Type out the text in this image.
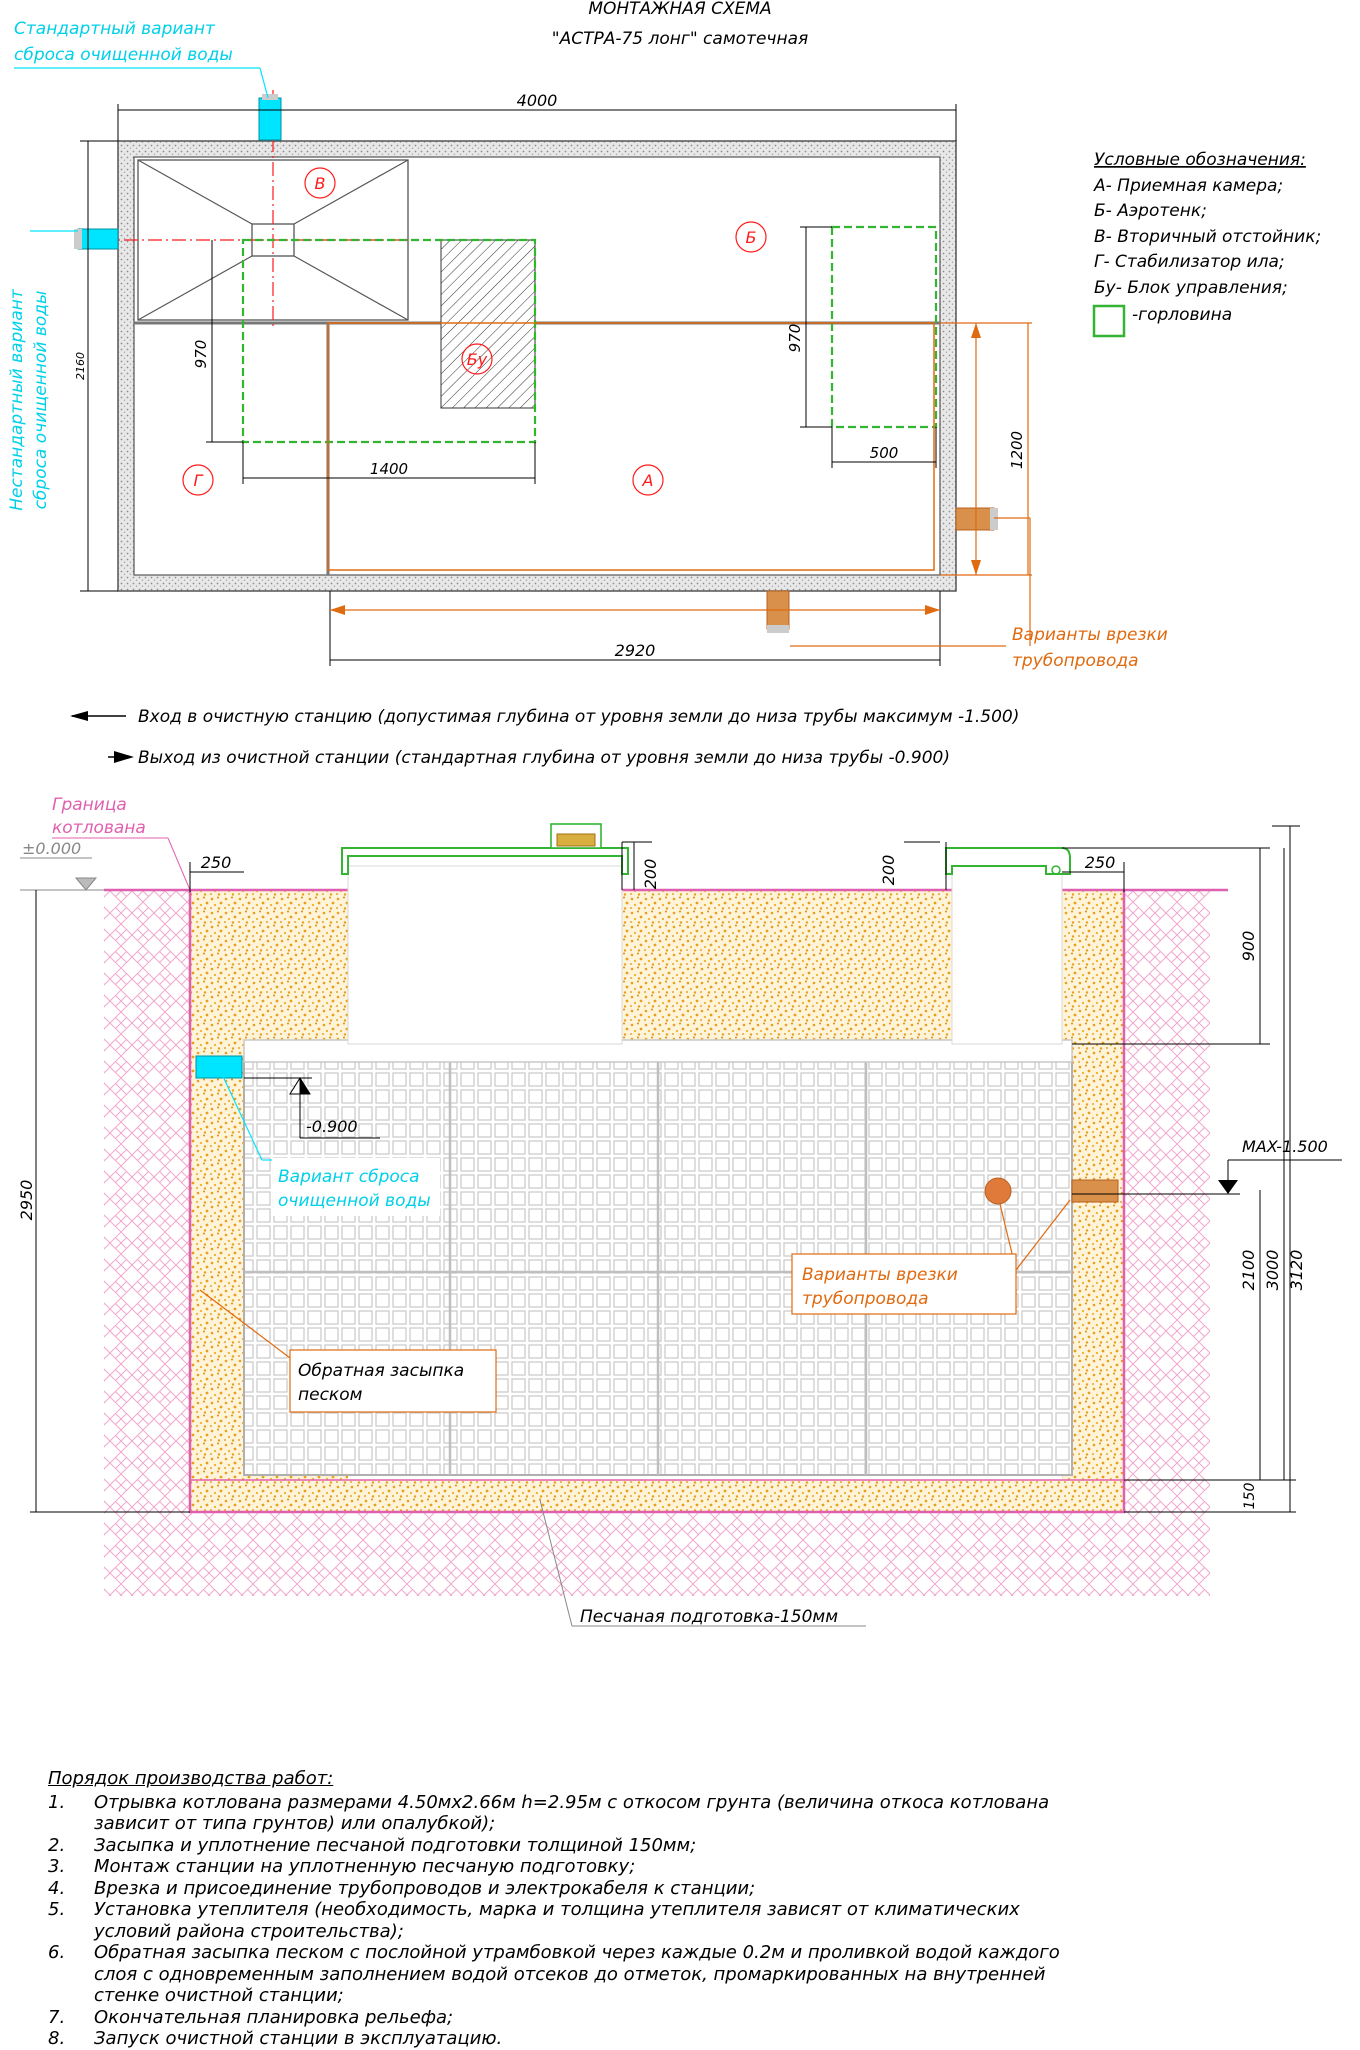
МОНТАЖНАЯ СХЕМА
"АСТРА-75 лонг" самотечная
В
Б
Бу
Г	А
4000
2160	970
970
1400
500
2920
1200
Варианты врезки
трубопровода
Стандартный вариант
сброса очищенной воды
Нестандартный вариант сброса очищенной воды
Условные обозначения:
А- Приемная камера;
Б- Аэротенк;
В- Вторичный отстойник;
Г- Стабилизатор ила;
Бу- Блок управления;
-горловина
Вход в очистную станцию (допустимая глубина от уровня земли до низа трубы максимум -1.500)
Выход из очистной станции (стандартная глубина от уровня земли до низа трубы -0.900)
±0.000
Граница
котлована
250	250
200	200
900
2950
2100 3000 3120
150
-0.900
MAX-1.500
Вариант сброса
очищенной воды
Варианты врезки
трубопровода
Обратная засыпка
песком
Песчаная подготовка-150мм
Порядок производства работ:
1. Отрывка котлована размерами 4.50мх2.66м h=2.95м с откосом грунта (величина откоса котлована
зависит от типа грунтов) или опалубкой);
2. Засыпка и уплотнение песчаной подготовки толщиной 150мм;
3. Монтаж станции на уплотненную песчаную подготовку;
4. Врезка и присоединение трубопроводов и электрокабеля к станции;
5. Установка утеплителя (необходимость, марка и толщина утеплителя зависят от климатических
условий района строительства);
6. Обратная засыпка песком с послойной утрамбовкой через каждые 0.2м и проливкой водой каждого
слоя с одновременным заполнением водой отсеков до отметок, промаркированных на внутренней
стенке очистной станции;
7. Окончательная планировка рельефа;
8. Запуск очистной станции в эксплуатацию.
